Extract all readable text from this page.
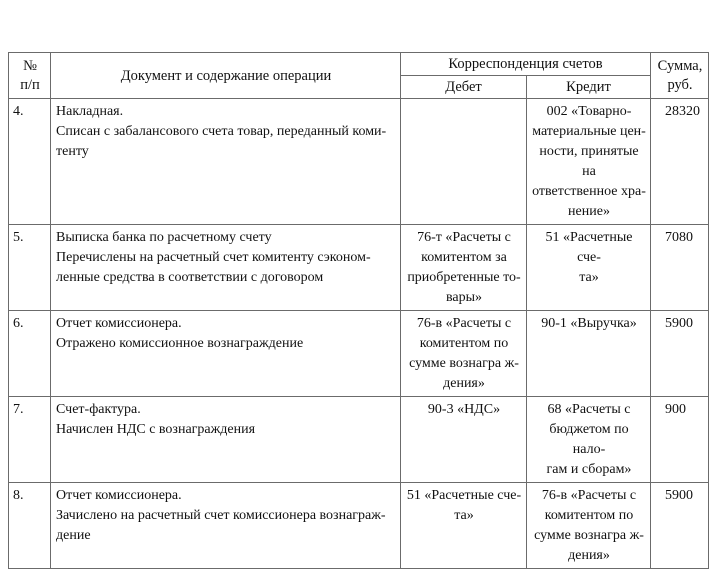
№
п/п	Документ и содержание операции	Корреспонденция счетов		Сумма,
руб.

		Дебет	Кредит	
4.	Накладная.
Списан с забалансового счета товар, переданный коми-
тенту		002 «Товарно-
материальные цен-
ности, принятые на
ответственное хра-
нение»	28320
5.	Выписка банка по расчетному счету
Перечислены на расчетный счет комитенту сэконом-
ленные средства в соответствии с договором	76-т «Расчеты с
комитентом за
приобретенные то-
вары»	51 «Расчетные сче-
та»	7080
6.	Отчет комиссионера.
Отражено комиссионное вознаграждение	76-в «Расчеты с
комитентом по
сумме вознагра ж-
дения»	90-1 «Выручка»	5900
7.	Счет-фактура.
Начислен НДС с вознаграждения	90-3 «НДС»	68 «Расчеты с
бюджетом по нало-
гам и сборам»	900
8.	Отчет комиссионера.
Зачислено на расчетный счет комиссионера вознаграж-
дение	51 «Расчетные сче-
та»	76-в «Расчеты с
комитентом по
сумме вознагра ж-
дения»	5900
